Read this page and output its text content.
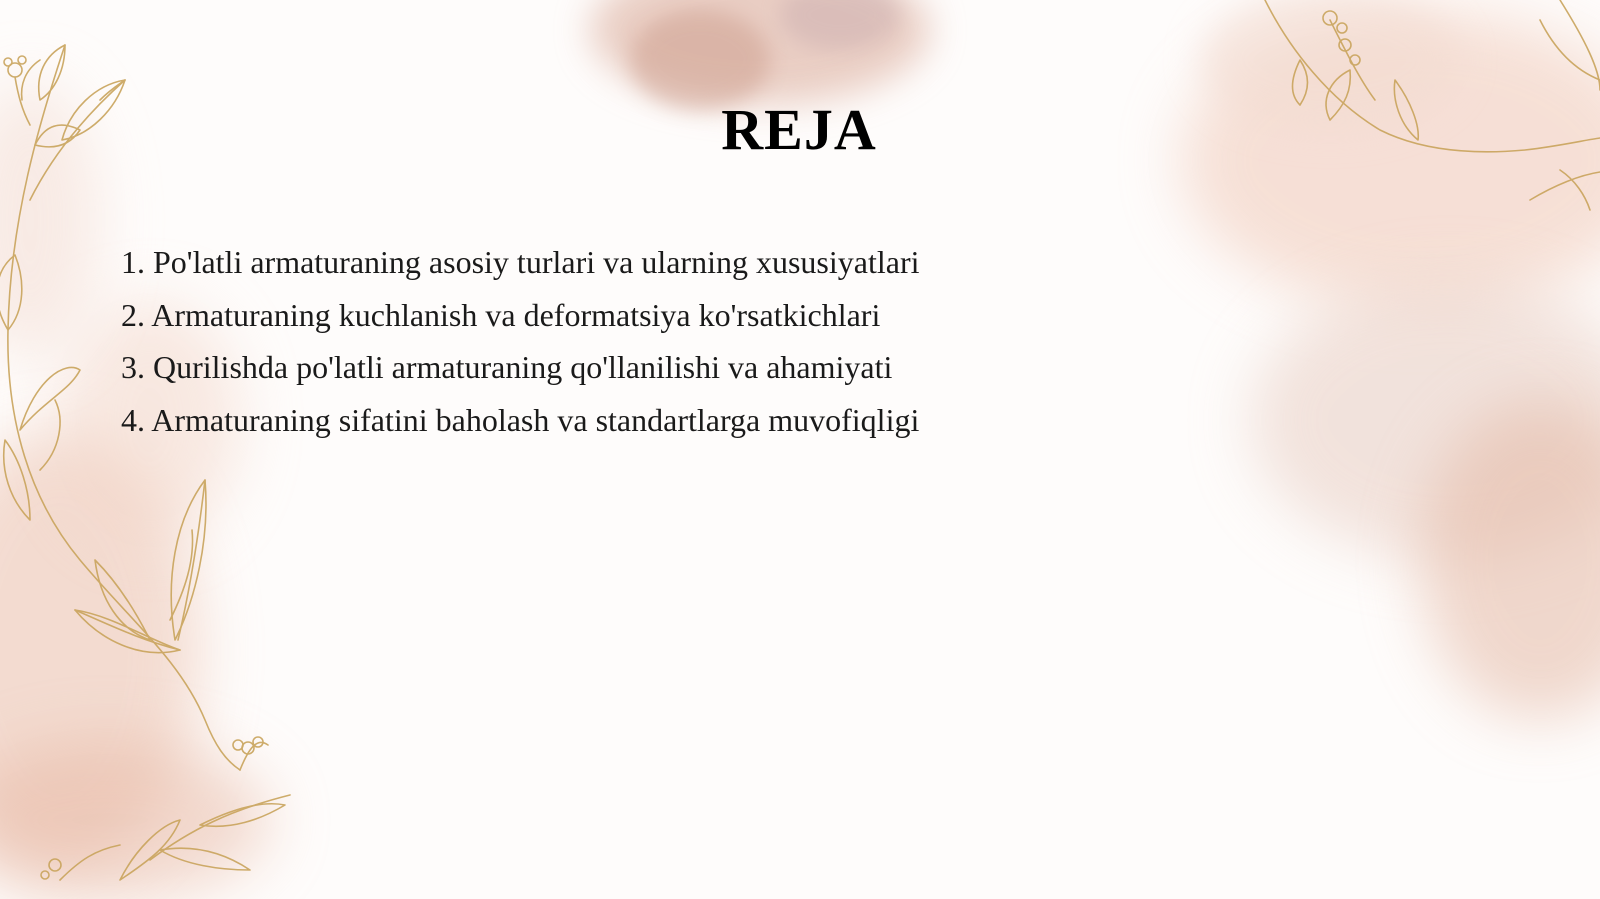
REJA
1. Po'latli armaturaning asosiy turlari va ularning xususiyatlari
2. Armaturaning kuchlanish va deformatsiya ko'rsatkichlari
3. Qurilishda po'latli armaturaning qo'llanilishi va ahamiyati
4. Armaturaning sifatini baholash va standartlarga muvofiqligi
